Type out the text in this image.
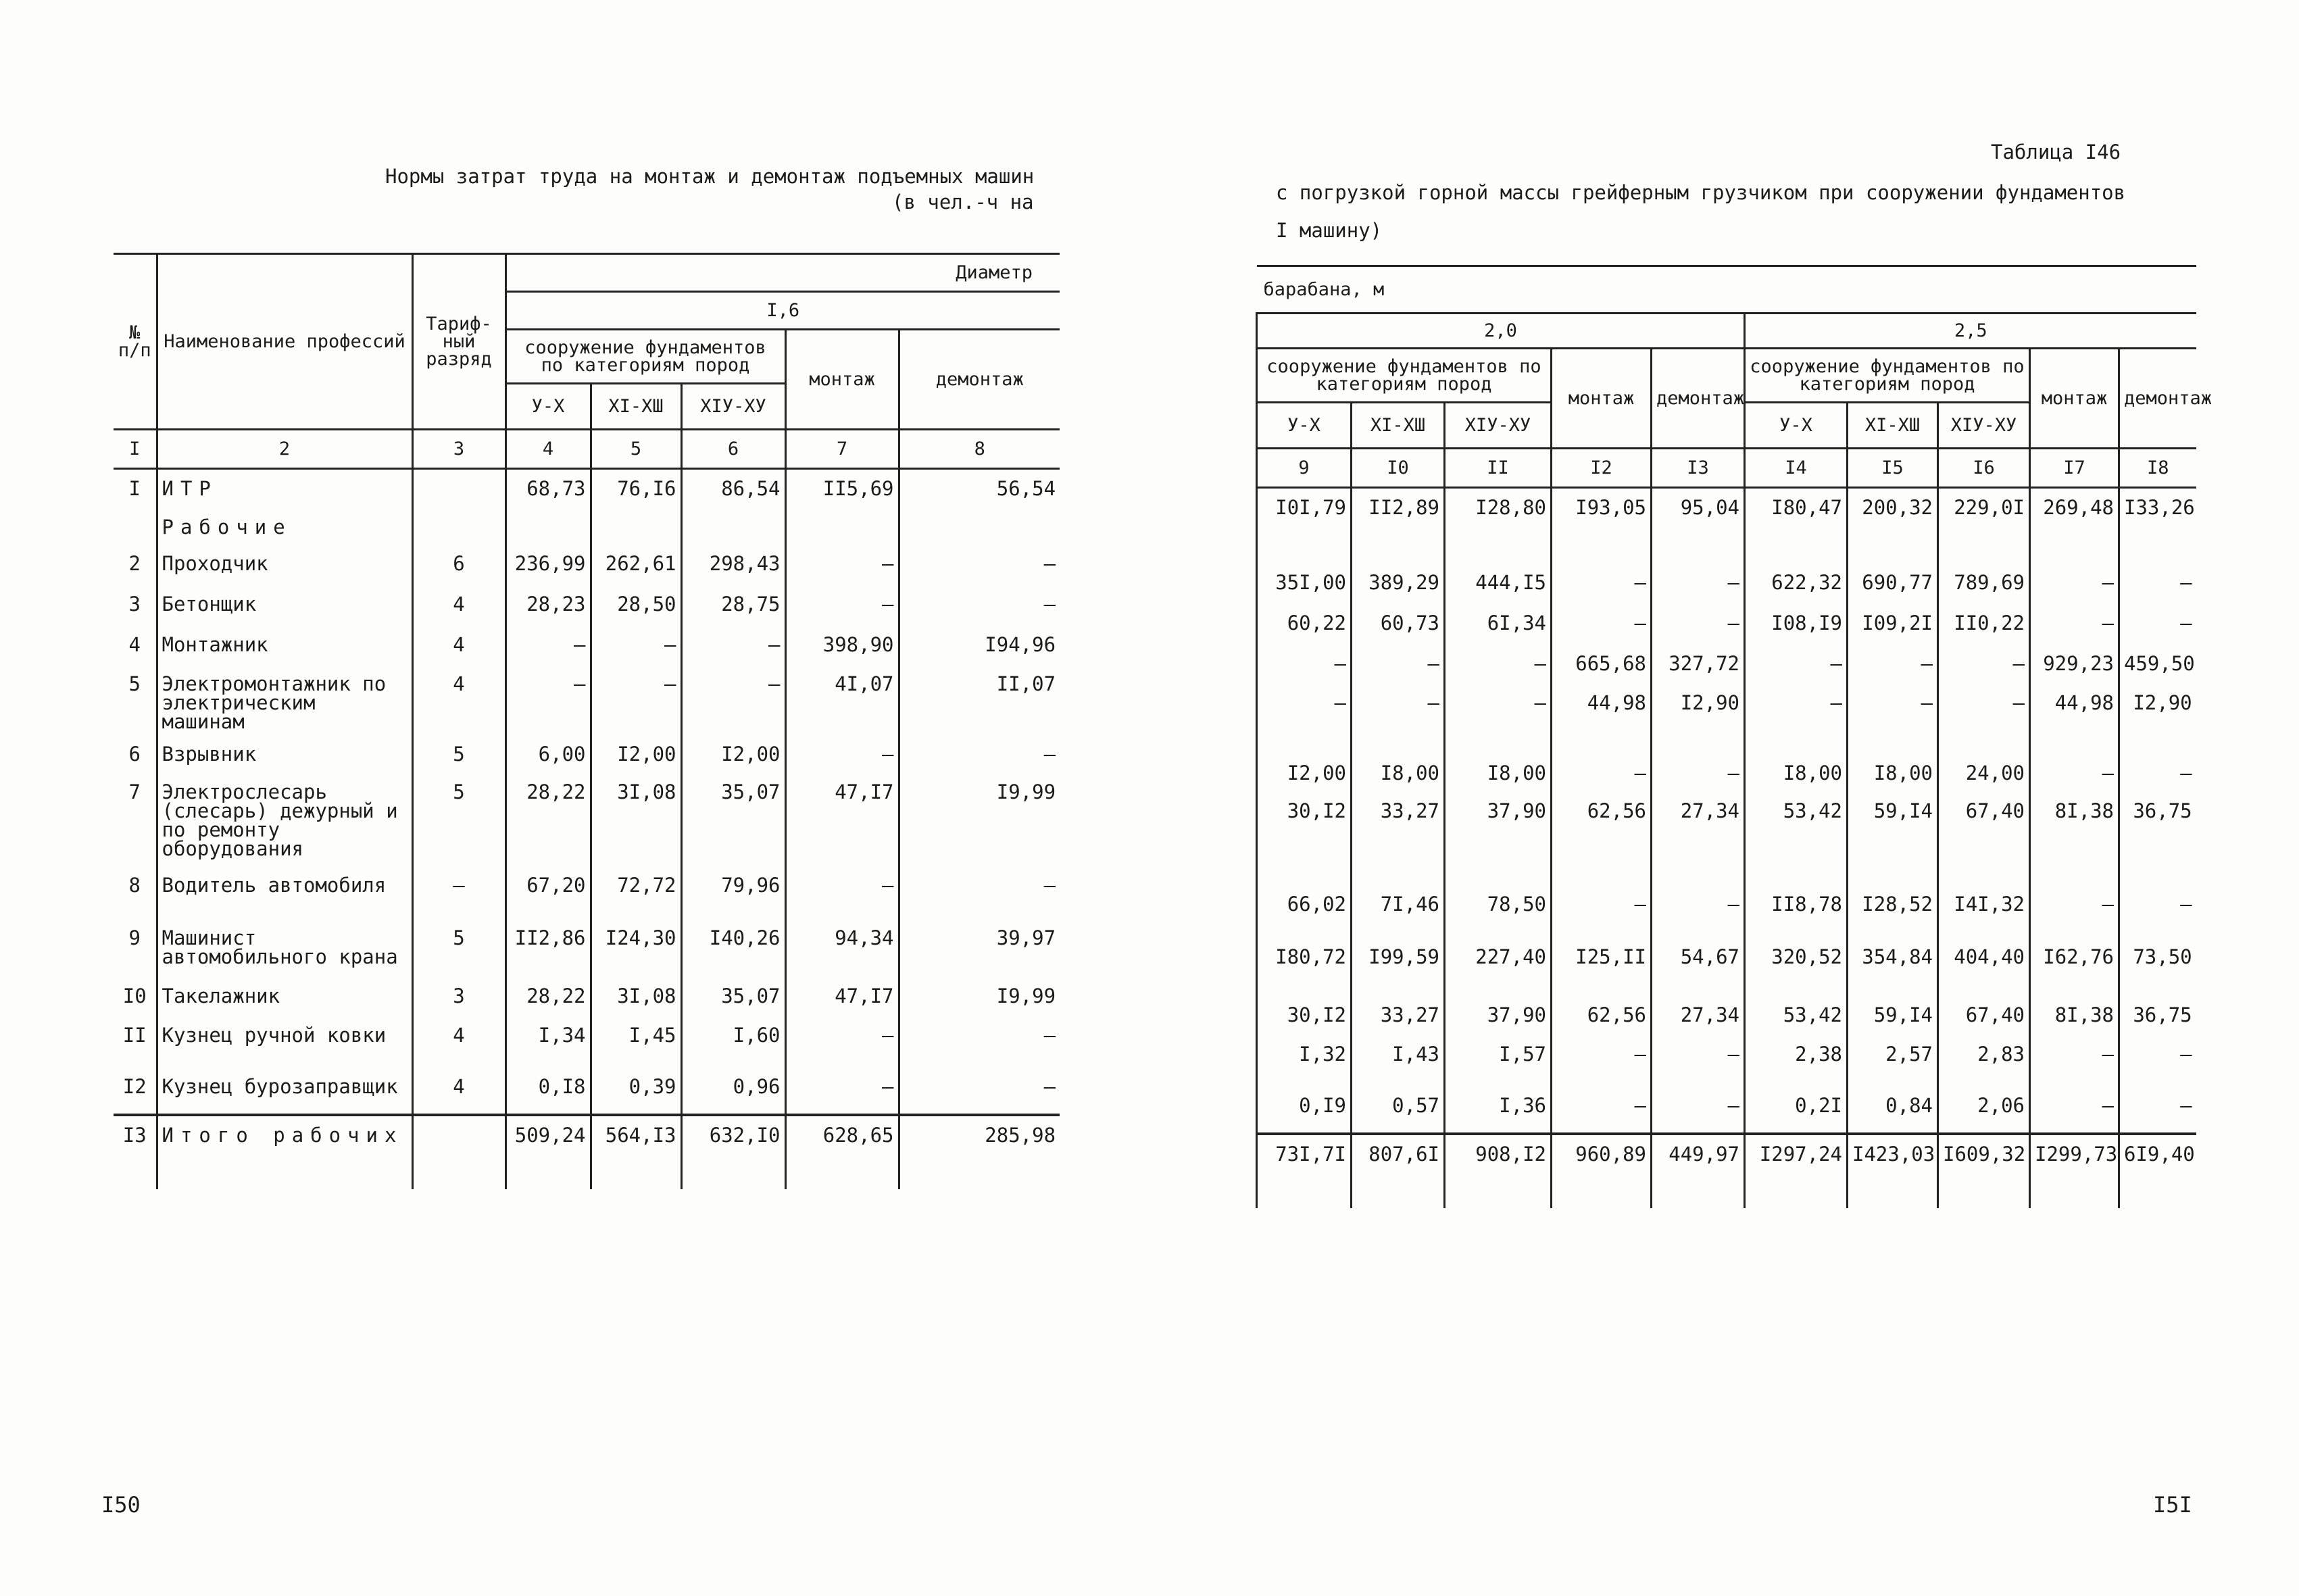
Нормы затрат труда на монтаж и демонтаж подъемных машин
(в чел.-ч на
№ п/п	Наименование профессий	Тариф-ный разряд	Диаметр				
			I,6				
			сооружение фундаментов по категориям пород			монтаж	демонтаж
			У-Х	ХI-ХШ	ХIУ-ХУ		
I	2	3	4	5	6	7	8
I	ИТР		68,73	76,I6	86,54	II5,69	56,54
	Рабочие						
2	Проходчик	6	236,99	262,61	298,43	–	–
3	Бетонщик	4	28,23	28,50	28,75	–	–
4	Монтажник	4	–	–	–	398,90	I94,96
5	Электромонтажник по электрическим машинам	4	–	–	–	4I,07	II,07
6	Взрывник	5	6,00	I2,00	I2,00	–	–
7	Электрослесарь (слесарь) дежурный и по ремонту оборудования	5	28,22	3I,08	35,07	47,I7	I9,99
8	Водитель автомобиля	–	67,20	72,72	79,96	–	–
9	Машинист автомобильного крана	5	II2,86	I24,30	I40,26	94,34	39,97
I0	Такелажник	3	28,22	3I,08	35,07	47,I7	I9,99
II	Кузнец ручной ковки	4	I,34	I,45	I,60	–	–
I2	Кузнец бурозаправщик	4	0,I8	0,39	0,96	–	–
I3	Итого рабочих		509,24	564,I3	632,I0	628,65	285,98
Таблица I46
с погрузкой горной массы грейферным грузчиком при сооружении фундаментов
I машину)
барабана, м									
2,0					2,5				
сооружение фундаментов по категориям пород			монтаж	демонтаж	сооружение фундаментов по категориям пород			монтаж	демонтаж
У-Х	ХI-ХШ	ХIУ-ХУ			У-Х	ХI-ХШ	ХIУ-ХУ		
9	I0	II	I2	I3	I4	I5	I6	I7	I8
I0I,79	II2,89	I28,80	I93,05	95,04	I80,47	200,32	229,0I	269,48	I33,26

35I,00	389,29	444,I5	–	–	622,32	690,77	789,69	–	–
60,22	60,73	6I,34	–	–	I08,I9	I09,2I	II0,22	–	–
–	–	–	665,68	327,72	–	–	–	929,23	459,50
–	–	–	44,98	I2,90	–	–	–	44,98	I2,90
I2,00	I8,00	I8,00	–	–	I8,00	I8,00	24,00	–	–
30,I2	33,27	37,90	62,56	27,34	53,42	59,I4	67,40	8I,38	36,75
66,02	7I,46	78,50	–	–	II8,78	I28,52	I4I,32	–	–
I80,72	I99,59	227,40	I25,II	54,67	320,52	354,84	404,40	I62,76	73,50
30,I2	33,27	37,90	62,56	27,34	53,42	59,I4	67,40	8I,38	36,75
I,32	I,43	I,57	–	–	2,38	2,57	2,83	–	–
0,I9	0,57	I,36	–	–	0,2I	0,84	2,06	–	–
73I,7I	807,6I	908,I2	960,89	449,97	I297,24	I423,03	I609,32	I299,73	6I9,40
I50	I5I
